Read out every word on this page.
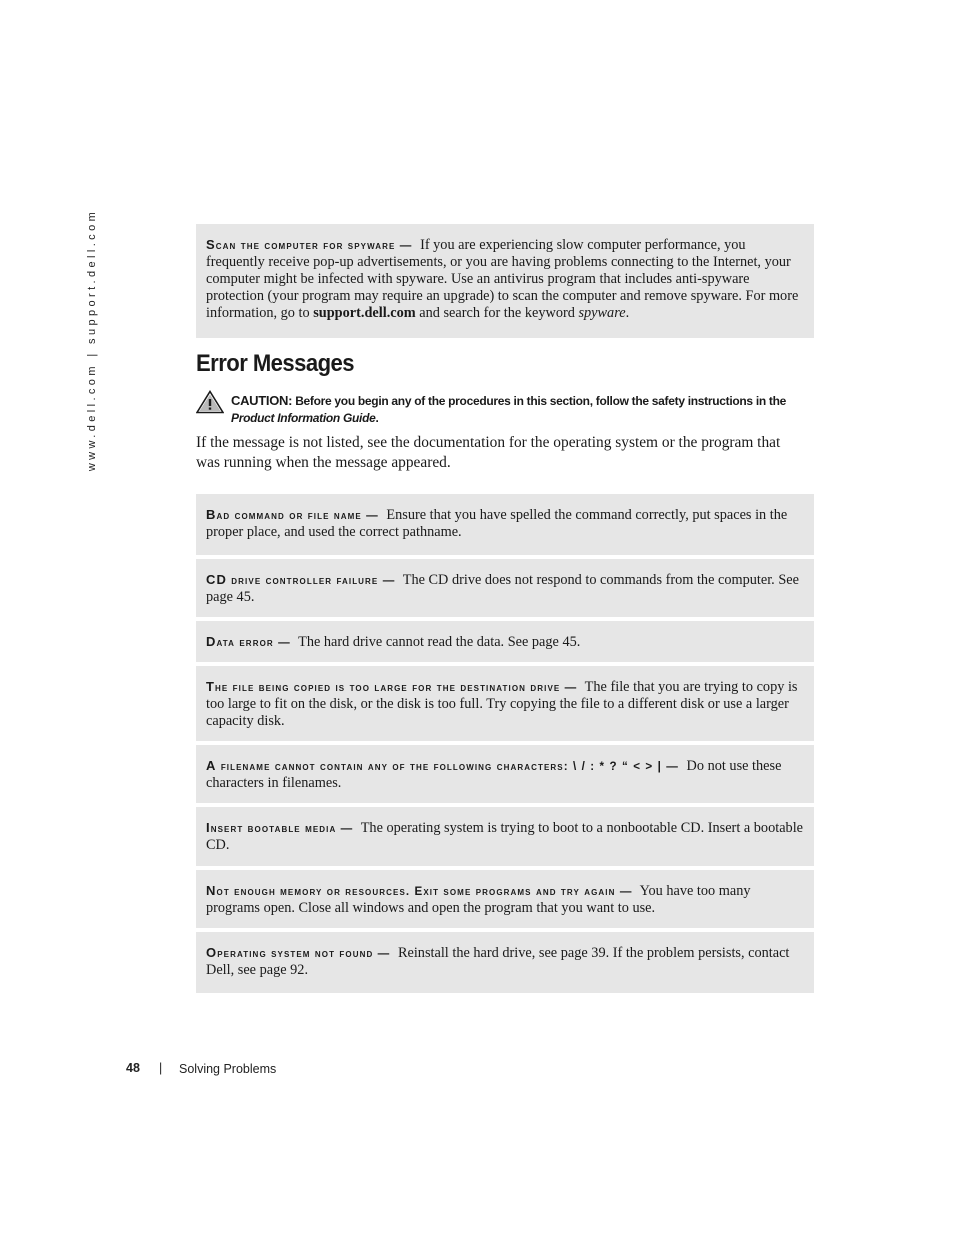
www.dell.com | support.dell.com	Scan the computer for spyware — If you are experiencing slow computer performance, you frequently receive pop-up advertisements, or you are having problems connecting to the Internet, your computer might be infected with spyware. Use an antivirus program that includes anti-spyware protection (your program may require an upgrade) to scan the computer and remove spyware. For more information, go to support.dell.com and search for the keyword spyware.
Error Messages
CAUTION: Before you begin any of the procedures in this section, follow the safety instructions in the Product Information Guide.
If the message is not listed, see the documentation for the operating system or the program that was running when the message appeared.
Bad command or file name — Ensure that you have spelled the command correctly, put spaces in the proper place, and used the correct pathname.
CD drive controller failure — The CD drive does not respond to commands from the computer. See page 45.
Data error — The hard drive cannot read the data. See page 45.
The file being copied is too large for the destination drive — The file that you are trying to copy is too large to fit on the disk, or the disk is too full. Try copying the file to a different disk or use a larger capacity disk.
A filename cannot contain any of the following characters: \ / : * ? “ < > | — Do not use these characters in filenames.
Insert bootable media — The operating system is trying to boot to a nonbootable CD. Insert a bootable CD.
Not enough memory or resources. Exit some programs and try again — You have too many programs open. Close all windows and open the program that you want to use.
Operating system not found — Reinstall the hard drive, see page 39. If the problem persists, contact Dell, see page 92.
48 | Solving Problems
